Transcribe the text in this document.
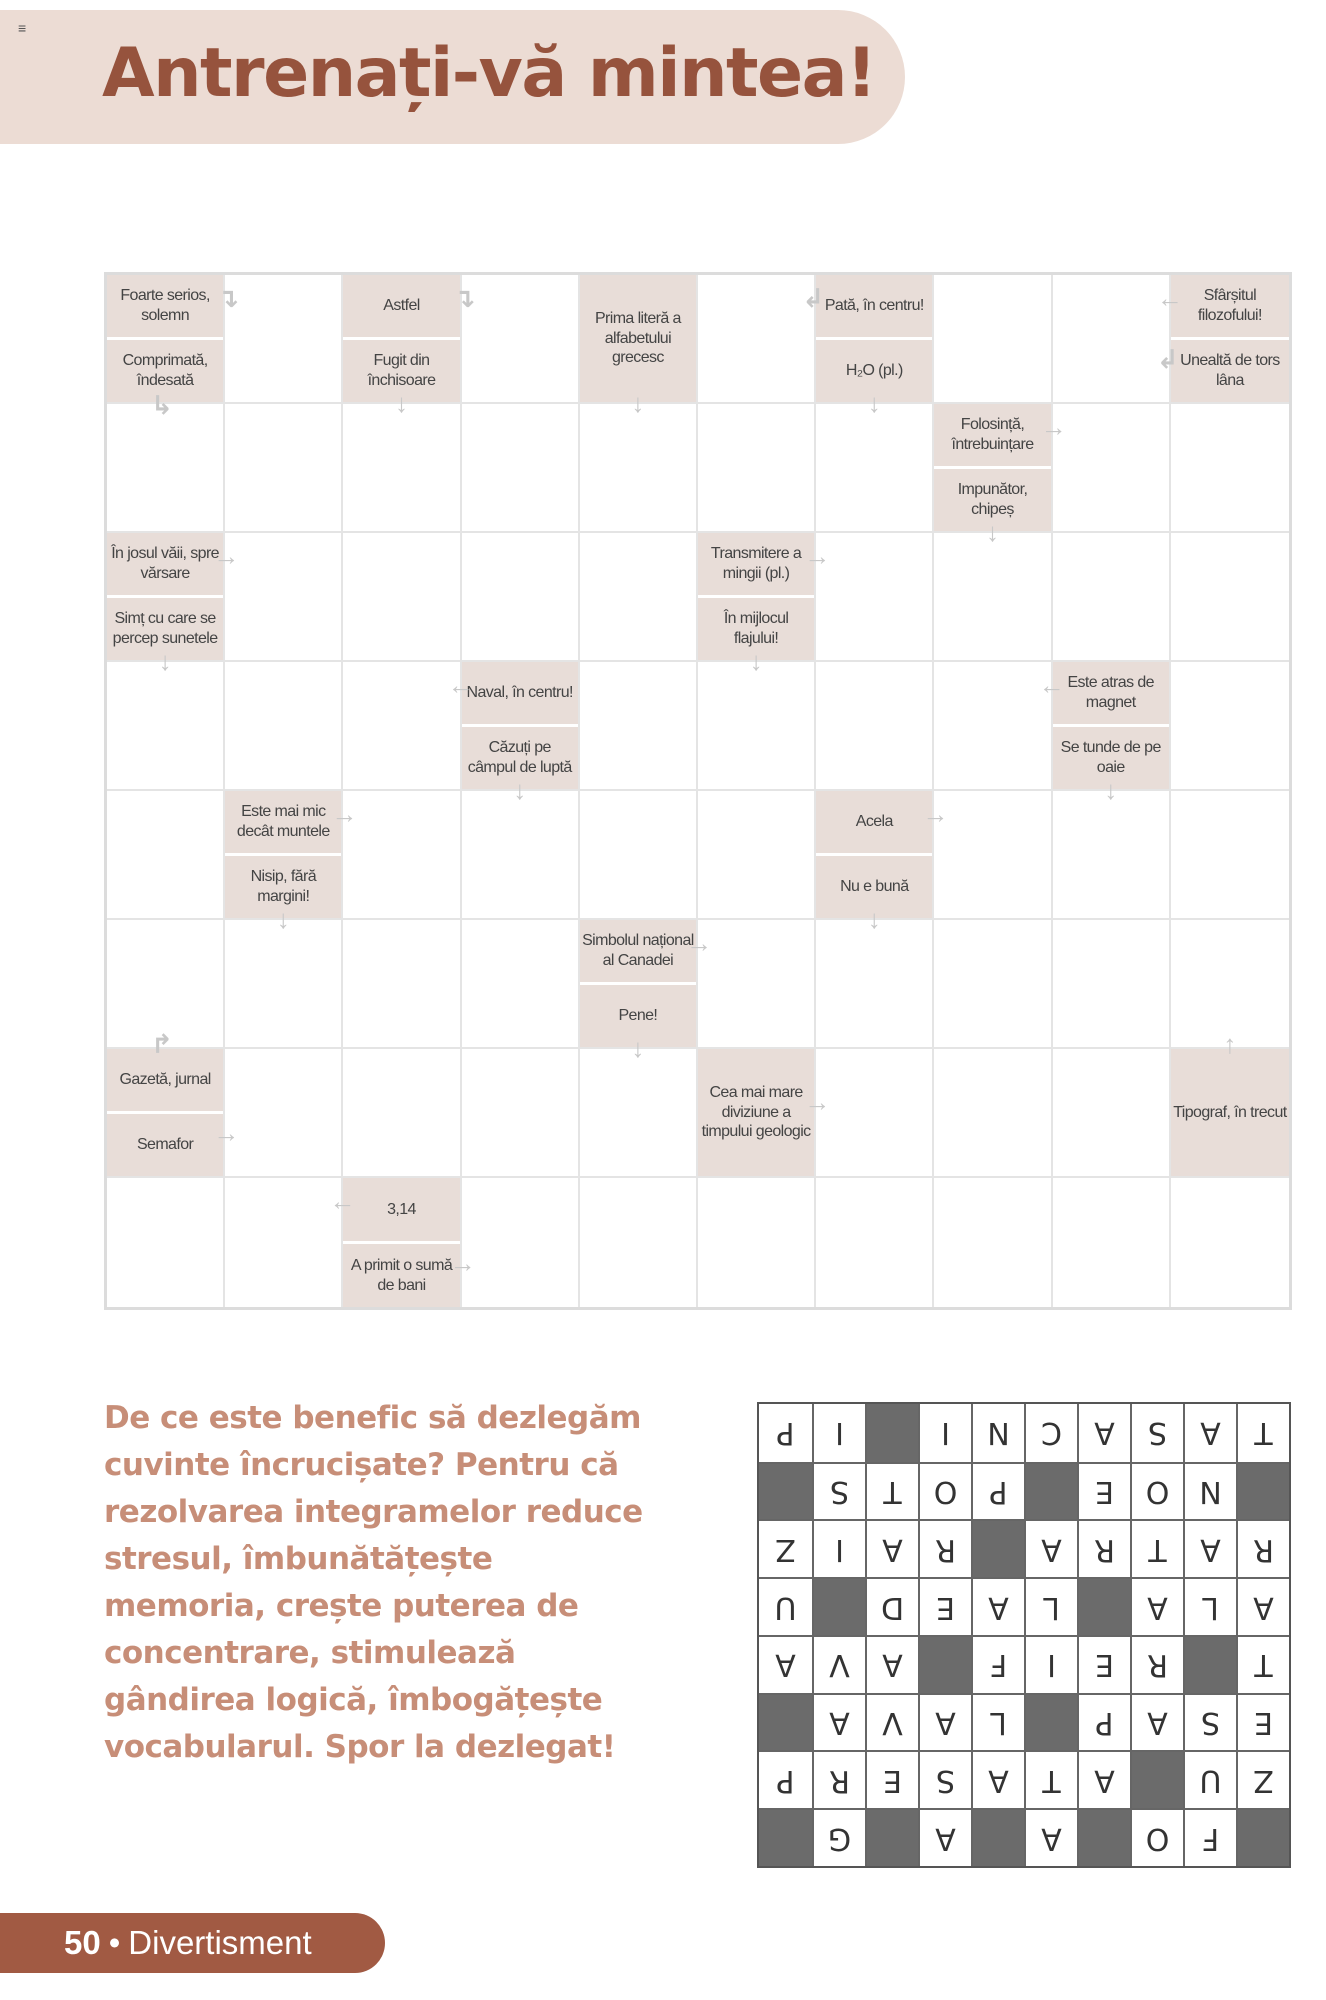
≡
Antrenați-vă mintea!
Foarte serios, solemn
Comprimată, îndesată
↴
↳
Astfel
Fugit din închisoare
↴
↓
Prima literă a alfabetului grecesc
↓
Pată, în centru!
H₂O (pl.)
↲
↓
Sfârșitul filozofului!
Unealtă de tors lâna
←
↲
Folosință, întrebuințare
Impunător, chipeș
→
↓
În josul văii, spre vărsare
Simț cu care se percep sunetele
→
↓
Transmitere a mingii (pl.)
În mijlocul flajului!
→
↓
Naval, în centru!
Căzuți pe câmpul de luptă
←
↓
Este atras de magnet
Se tunde de pe oaie
←
↓
Este mai mic decât muntele
Nisip, fără margini!
→
↓
Acela
Nu e bună
→
↓
Simbolul național al Canadei
Pene!
→
↓
Gazetă, jurnal
Semafor
↱
→
Cea mai mare diviziune a timpului geologic
→	Tipograf, în trecut
↑
3,14
A primit o sumă de bani
←
→

De ce este benefic să dezlegăm cuvinte încrucișate? Pentru că rezolvarea integramelor reduce stresul, îmbunătățește memoria, crește puterea de concentrare, stimulează gândirea logică, îmbogățește vocabularul. Spor la dezlegat!

F
O
A
A
G
Z
U
A
T
A
S
E
R
P
E
S
A
P
L
A
V
A
T
R
E
I
F
A
V
A
A
L
A
L
A
E
D
U
R
A
T
R
A
R
A
I
Z
N
O
E
P
O
T
S
T
A
S
A
C
N
I
I
P
50 • Divertisment
